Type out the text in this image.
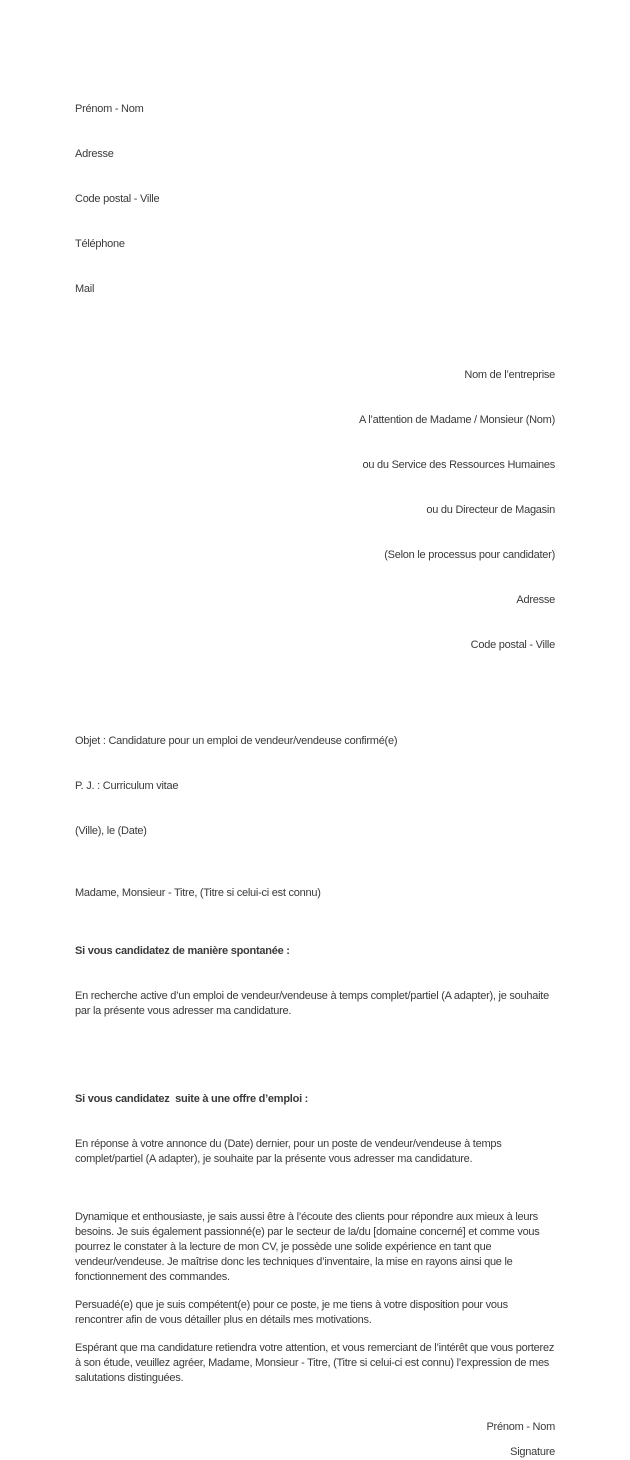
Prénom - Nom

Adresse

Code postal - Ville

Téléphone

Mail

Nom de l’entreprise

A l’attention de Madame / Monsieur (Nom)

ou du Service des Ressources Humaines

ou du Directeur de Magasin

(Selon le processus pour candidater)

Adresse

Code postal - Ville

Objet : Candidature pour un emploi de vendeur/vendeuse confirmé(e)

P. J. : Curriculum vitae

(Ville), le (Date)

Madame, Monsieur - Titre, (Titre si celui-ci est connu)

Si vous candidatez de manière spontanée :

En recherche active d’un emploi de vendeur/vendeuse à temps complet/partiel (A adapter), je souhaite par la présente vous adresser ma candidature.

Si vous candidatez  suite à une offre d’emploi :

En réponse à votre annonce du (Date) dernier, pour un poste de vendeur/vendeuse à temps complet/partiel (A adapter), je souhaite par la présente vous adresser ma candidature.

Dynamique et enthousiaste, je sais aussi être à l’écoute des clients pour répondre aux mieux à leurs besoins. Je suis également passionné(e) par le secteur de la/du [domaine concerné] et comme vous pourrez le constater à la lecture de mon CV, je possède une solide expérience en tant que vendeur/vendeuse. Je maîtrise donc les techniques d’inventaire, la mise en rayons ainsi que le fonctionnement des commandes.
Persuadé(e) que je suis compétent(e) pour ce poste, je me tiens à votre disposition pour vous rencontrer afin de vous détailler plus en détails mes motivations.
Espérant que ma candidature retiendra votre attention, et vous remerciant de l’intérêt que vous porterez à son étude, veuillez agréer, Madame, Monsieur - Titre, (Titre si celui-ci est connu) l’expression de mes salutations distinguées.
Prénom - Nom
Signature
